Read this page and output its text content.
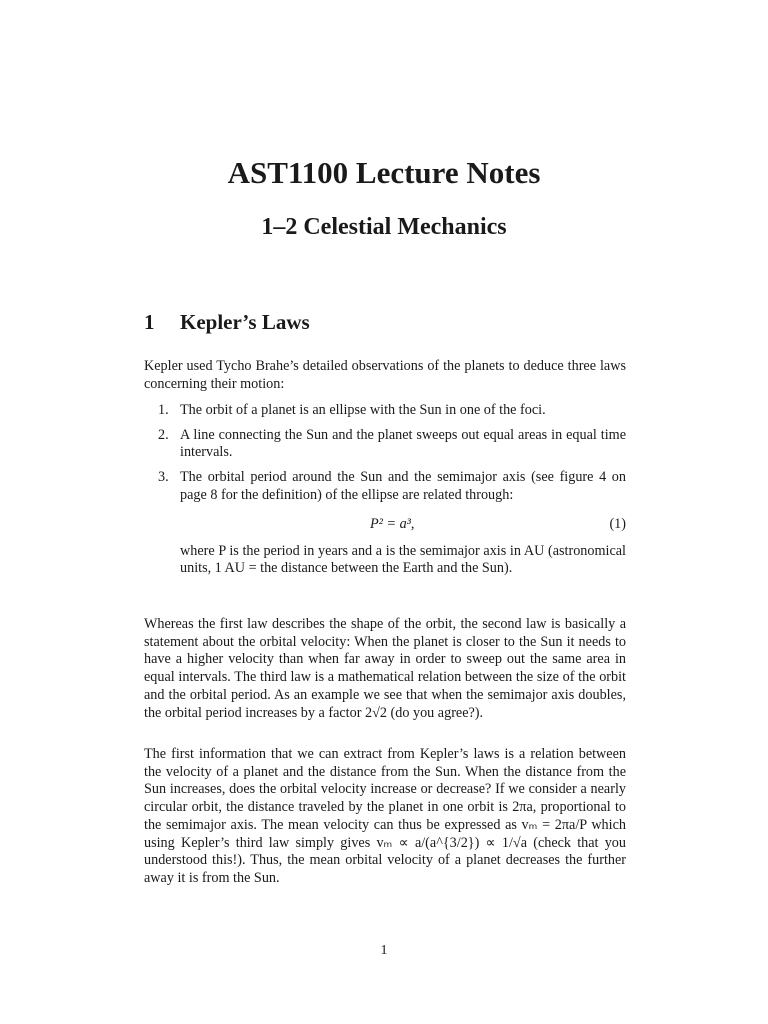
AST1100 Lecture Notes
1–2 Celestial Mechanics
1 Kepler’s Laws

Kepler used Tycho Brahe’s detailed observations of the planets to deduce three laws concerning their motion:

1. The orbit of a planet is an ellipse with the Sun in one of the foci.
2. A line connecting the Sun and the planet sweeps out equal areas in equal time intervals.
3. The orbital period around the Sun and the semimajor axis (see figure 4 on page 8 for the definition) of the ellipse are related through:
P² = a³,	(1)
where P is the period in years and a is the semimajor axis in AU (astronomical units, 1 AU = the distance between the Earth and the Sun).

Whereas the first law describes the shape of the orbit, the second law is basically a statement about the orbital velocity: When the planet is closer to the Sun it needs to have a higher velocity than when far away in order to sweep out the same area in equal intervals. The third law is a mathematical relation between the size of the orbit and the orbital period. As an example we see that when the semimajor axis doubles, the orbital period increases by a factor 2√2 (do you agree?).

The first information that we can extract from Kepler’s laws is a relation between the velocity of a planet and the distance from the Sun. When the distance from the Sun increases, does the orbital velocity increase or decrease? If we consider a nearly circular orbit, the distance traveled by the planet in one orbit is 2πa, proportional to the semimajor axis. The mean velocity can thus be expressed as vₘ = 2πa/P which using Kepler’s third law simply gives vₘ ∝ a/(a^{3/2}) ∝ 1/√a (check that you understood this!). Thus, the mean orbital velocity of a planet decreases the further away it is from the Sun.

1
